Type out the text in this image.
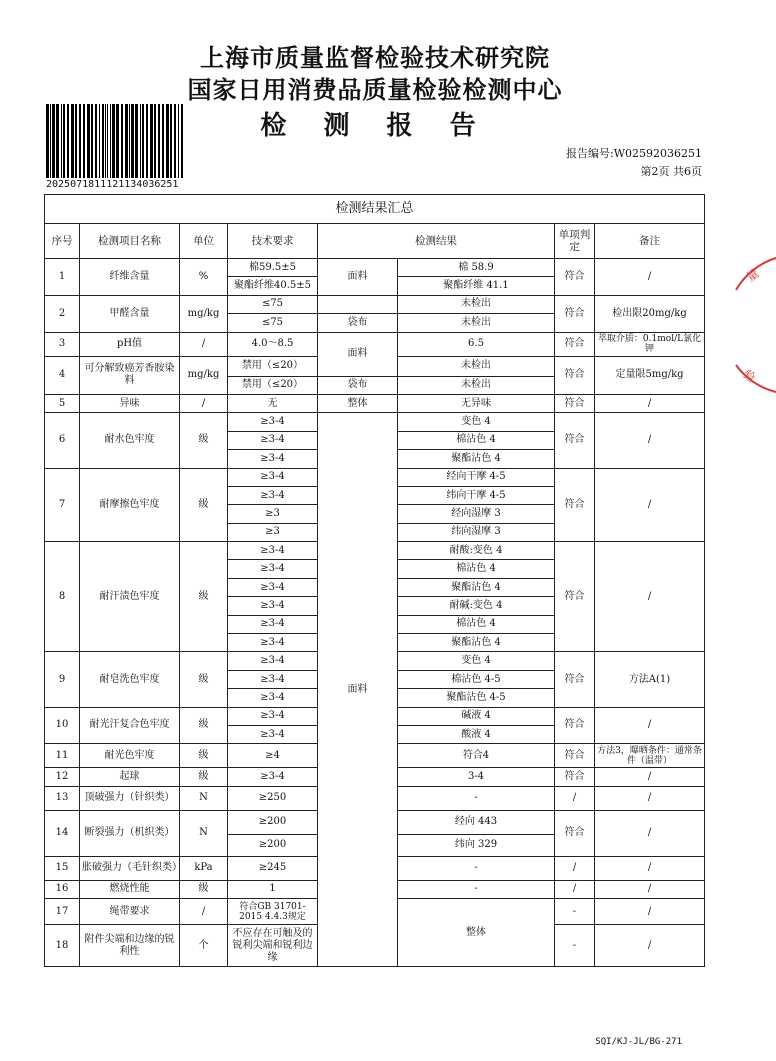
上海市质量监督检验技术研究院
国家日用消费品质量检验检测中心
检 测 报 告
20250718111211340362​51
报告编号:W02592036251
第2页 共6页
量
验
检测结果汇总								
序号	检测项目名称	单位	技术要求	检测结果		单项判定	备注	
1	纤维含量	%	棉59.5±5	面料	棉 58.9	符合	/	
			聚酯纤维40.5±5		聚酯纤维 41.1			
2	甲醛含量	mg/kg	≤75		未检出	符合	检出限20mg/kg	
			≤75	袋布	未检出			
3	pH值	/	4.0～8.5	面料	6.5	符合	萃取介质：0.1mol/L氯化钾	
4	可分解致癌芳香胺染料	mg/kg	禁用（≤20）		未检出	符合	定量限5mg/kg	
			禁用（≤20）	袋布	未检出			
5	异味	/	无	整体	无异味	符合	/	
6	耐水色牢度	级	≥3-4	面料	变色 4	符合	/	
			≥3-4		棉沾色 4			
			≥3-4		聚酯沾色 4			
7	耐摩擦色牢度	级	≥3-4		经向干摩 4-5	符合	/	
			≥3-4		纬向干摩 4-5			
			≥3		经向湿摩 3			
			≥3		纬向湿摩 3			
8	耐汗渍色牢度	级	≥3-4		耐酸:变色 4	符合	/	
			≥3-4		棉沾色 4			
			≥3-4		聚酯沾色 4			
			≥3-4		耐碱:变色 4			
			≥3-4		棉沾色 4			
			≥3-4		聚酯沾色 4			
9	耐皂洗色牢度	级	≥3-4		变色 4	符合	方法A(1)	
			≥3-4		棉沾色 4-5			
			≥3-4		聚酯沾色 4-5			
10	耐光汗复合色牢度	级	≥3-4		碱液 4	符合	/	
			≥3-4		酸液 4			
11	耐光色牢度	级	≥4		符合4	符合	方法3，曝晒条件：通常条件（温带）	
12	起球	级	≥3-4		3-4	符合	/	
13	顶破强力（针织类）	N	≥250		-	/	/	
14	断裂强力（机织类）	N	≥200		经向 443	符合	/	
			≥200		纬向 329			
15	胀破强力（毛针织类）	kPa	≥245		-	/	/	
16	燃烧性能	级	1		-	/	/	
17	绳带要求	/	符合GB 31701-2015 4.4.3规定		整体	-	/	
18	附件尖端和边缘的锐利性	个	不应存在可触及的锐利尖端和锐利边缘			-	/	
SQI/KJ-JL/BG-271
